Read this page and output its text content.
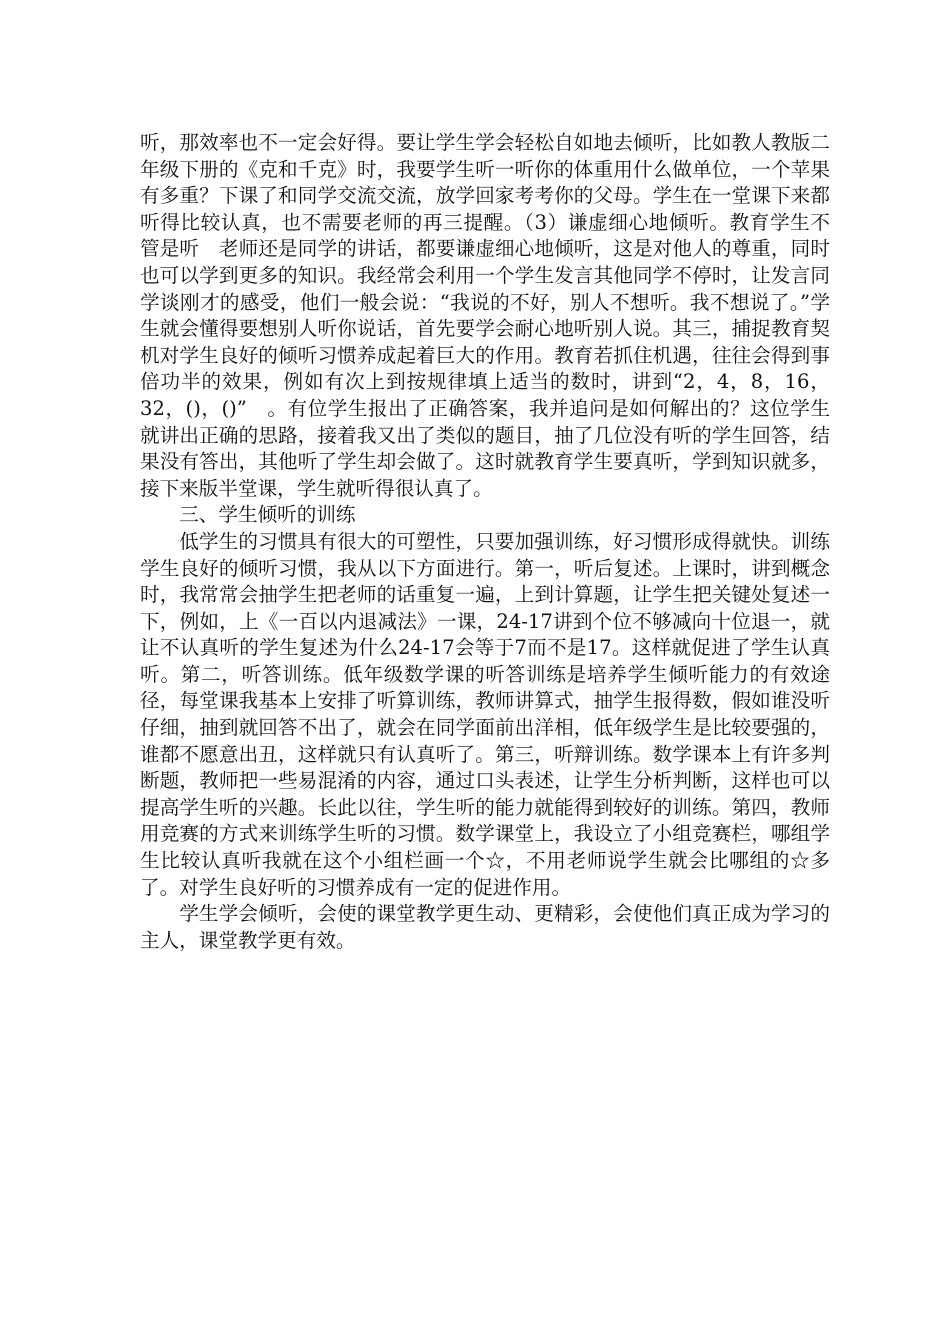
听，那效率也不一定会好得。要让学生学会轻松自如地去倾听，比如教人教版二年级下册的《克和千克》时，我要学生听一听你的体重用什么做单位，一个苹果有多重？下课了和同学交流交流，放学回家考考你的父母。学生在一堂课下来都听得比较认真，也不需要老师的再三提醒。（3）谦虚细心地倾听。教育学生不　管是听　老师还是同学的讲话，都要谦虚细心地倾听，这是对他人的尊重，同时也可以学到更多的知识。我经常会利用一个学生发言其他同学不停时，让发言同学谈刚才的感受，他们一般会说：“我说的不好，别人不想听。我不想说了。”学生就会懂得要想别人听你说话，首先要学会耐心地听别人说。其三，捕捉教育契机对学生良好的倾听习惯养成起着巨大的作用。教育若抓住机遇，往往会得到事倍功半的效果，例如有次上到按规律填上适当的数时，讲到“2，4，8，16，32，()，()”　。有位学生报出了正确答案，我并追问是如何解出的？这位学生就讲出正确的思路，接着我又出了类似的题目，抽了几位没有听的学生回答，结果没有答出，其他听了学生却会做了。这时就教育学生要真听，学到知识就多，接下来版半堂课，学生就听得很认真了。

三、学生倾听的训练

低学生的习惯具有很大的可塑性，只要加强训练，好习惯形成得就快。训练学生良好的倾听习惯，我从以下方面进行。第一，听后复述。上课时，讲到概念时，我常常会抽学生把老师的话重复一遍，上到计算题，让学生把关键处复述一下，例如，上《一百以内退减法》一课，24-17讲到个位不够减向十位退一，就让不认真听的学生复述为什么24-17会等于7而不是17。这样就促进了学生认真听。第二，听答训练。低年级数学课的听答训练是培养学生倾听能力的有效途径，每堂课我基本上安排了听算训练，教师讲算式，抽学生报得数，假如谁没听仔细，抽到就回答不出了，就会在同学面前出洋相，低年级学生是比较要强的，谁都不愿意出丑，这样就只有认真听了。第三，听辩训练。数学课本上有许多判断题，教师把一些易混淆的内容，通过口头表述，让学生分析判断，这样也可以提高学生听的兴趣。长此以往，学生听的能力就能得到较好的训练。第四，教师用竞赛的方式来训练学生听的习惯。数学课堂上，我设立了小组竞赛栏，哪组学生比较认真听我就在这个小组栏画一个☆，不用老师说学生就会比哪组的☆多了。对学生良好听的习惯养成有一定的促进作用。

学生学会倾听，会使的课堂教学更生动、更精彩，会使他们真正成为学习的主人，课堂教学更有效。
